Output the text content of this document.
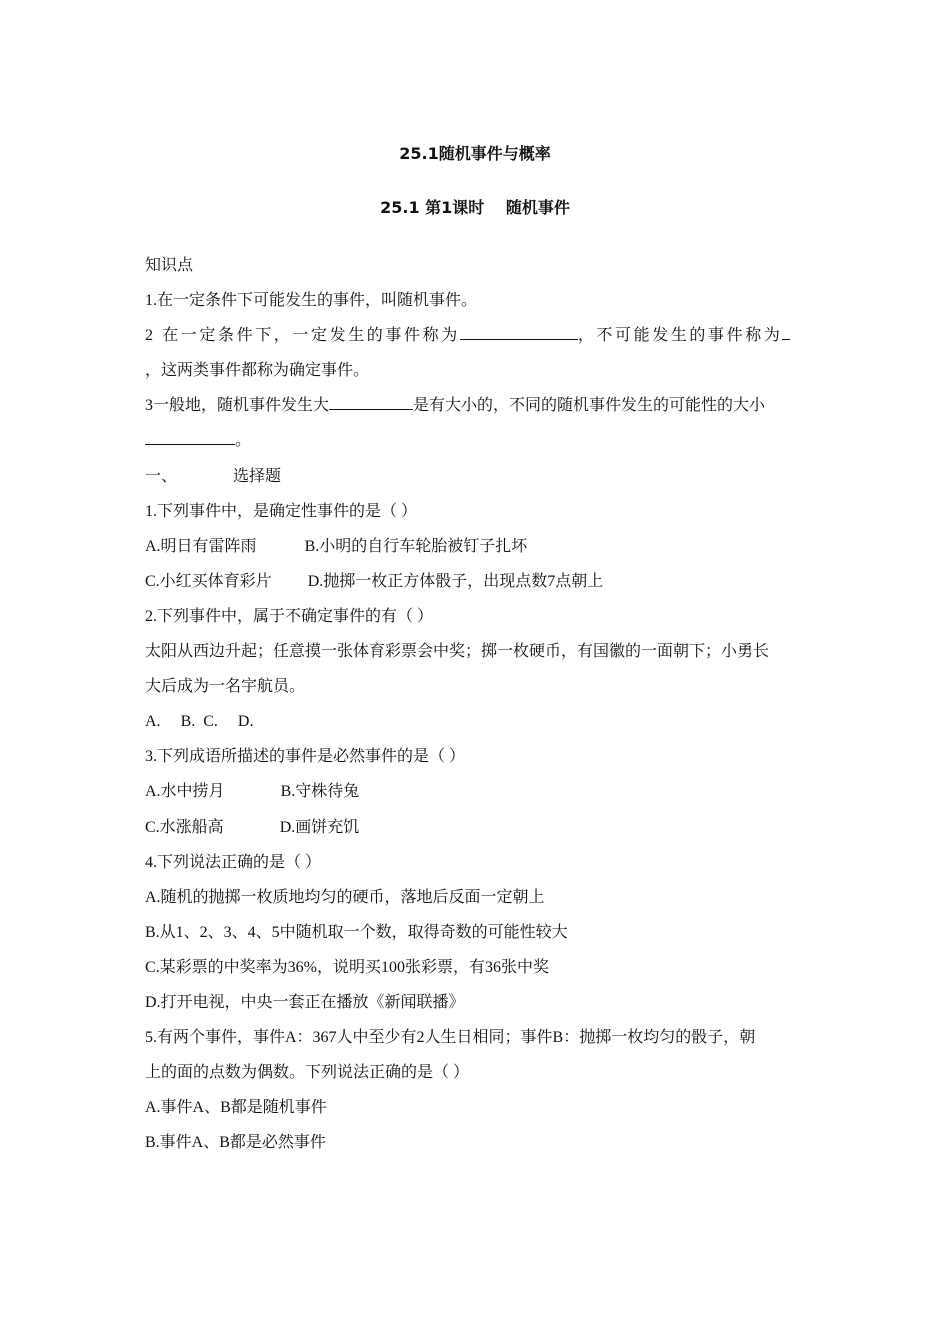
25.1随机事件与概率
25.1 第1课时　 随机事件
知识点
1.在一定条件下可能发生的事件，叫随机事件。
2 在一定条件下，一定发生的事件称为	，不可能发生的事件称为
，这两类事件都称为确定事件。
3一般地，随机事件发生大	是有大小的，不同的随机事件发生的可能性的大小
。
一、	选择题
1.下列事件中，是确定性事件的是（ ）
A.明日有雷阵雨	B.小明的自行车轮胎被钉子扎坏
C.小红买体育彩片 D.抛掷一枚正方体骰子，出现点数7点朝上
2.下列事件中，属于不确定事件的有（ ）
太阳从西边升起；任意摸一张体育彩票会中奖；掷一枚硬币，有国徽的一面朝下；小勇长
大后成为一名宇航员。
A.  B. C.  D.
3.下列成语所描述的事件是必然事件的是（ ）
A.水中捞月	B.守株待兔
C.水涨船高	D.画饼充饥
4.下列说法正确的是（ ）
A.随机的抛掷一枚质地均匀的硬币，落地后反面一定朝上
B.从1、2、3、4、5中随机取一个数，取得奇数的可能性较大
C.某彩票的中奖率为36%，说明买100张彩票，有36张中奖
D.打开电视，中央一套正在播放《新闻联播》
5.有两个事件，事件A：367人中至少有2人生日相同；事件B：抛掷一枚均匀的骰子，朝
上的面的点数为偶数。下列说法正确的是（ ）
A.事件A、B都是随机事件
B.事件A、B都是必然事件
